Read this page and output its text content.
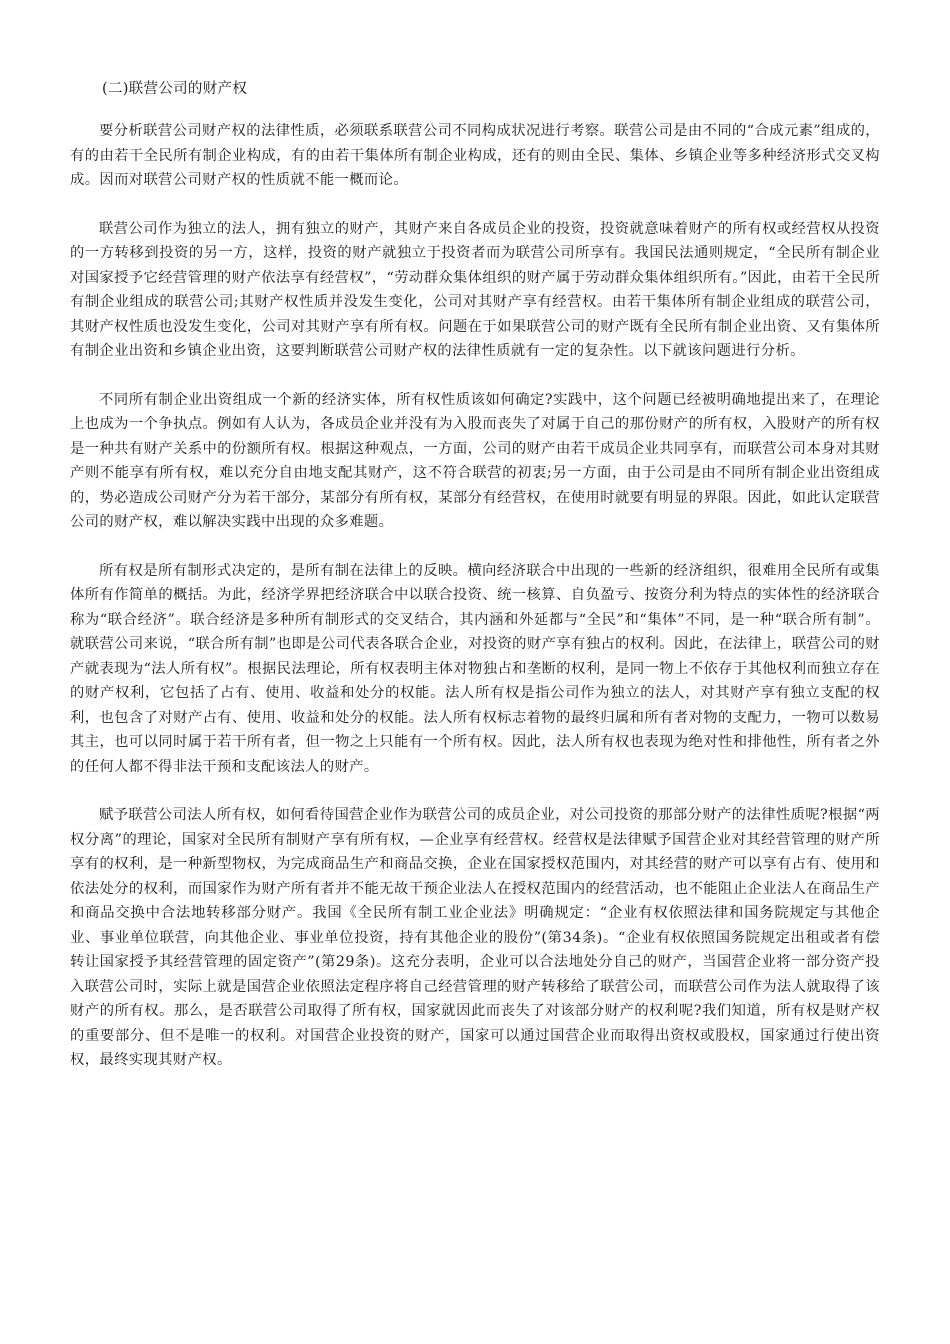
(二)联营公司的财产权

要分析联营公司财产权的法律性质，必须联系联营公司不同构成状况进行考察。联营公司是由不同的“合成元素”组成的，有的由若干全民所有制企业构成，有的由若干集体所有制企业构成，还有的则由全民、集体、乡镇企业等多种经济形式交叉构成。因而对联营公司财产权的性质就不能一概而论。

联营公司作为独立的法人，拥有独立的财产，其财产来自各成员企业的投资，投资就意味着财产的所有权或经营权从投资的一方转移到投资的另一方，这样，投资的财产就独立于投资者而为联营公司所享有。我国民法通则规定，“全民所有制企业对国家授予它经营管理的财产依法享有经营权”，“劳动群众集体组织的财产属于劳动群众集体组织所有。”因此，由若干全民所有制企业组成的联营公司;其财产权性质并没发生变化，公司对其财产享有经营权。由若干集体所有制企业组成的联营公司，其财产权性质也没发生变化，公司对其财产享有所有权。问题在于如果联营公司的财产既有全民所有制企业出资、又有集体所有制企业出资和乡镇企业出资，这要判断联营公司财产权的法律性质就有一定的复杂性。以下就该问题进行分析。

不同所有制企业出资组成一个新的经济实体，所有权性质该如何确定?实践中，这个问题已经被明确地提出来了，在理论上也成为一个争执点。例如有人认为，各成员企业并没有为入股而丧失了对属于自己的那份财产的所有权，入股财产的所有权是一种共有财产关系中的份额所有权。根据这种观点，一方面，公司的财产由若干成员企业共同享有，而联营公司本身对其财产则不能享有所有权，难以充分自由地支配其财产，这不符合联营的初衷;另一方面，由于公司是由不同所有制企业出资组成的，势必造成公司财产分为若干部分，某部分有所有权，某部分有经营权，在使用时就要有明显的界限。因此，如此认定联营公司的财产权，难以解决实践中出现的众多难题。

所有权是所有制形式决定的，是所有制在法律上的反映。横向经济联合中出现的一些新的经济组织，很难用全民所有或集体所有作简单的概括。为此，经济学界把经济联合中以联合投资、统一核算、自负盈亏、按资分利为特点的实体性的经济联合称为“联合经济”。联合经济是多种所有制形式的交叉结合，其内涵和外延都与“全民”和“集体”不同，是一种“联合所有制”。就联营公司来说，“联合所有制”也即是公司代表各联合企业，对投资的财产享有独占的权利。因此，在法律上，联营公司的财产就表现为“法人所有权”。根据民法理论，所有权表明主体对物独占和垄断的权利，是同一物上不依存于其他权利而独立存在的财产权利，它包括了占有、使用、收益和处分的权能。法人所有权是指公司作为独立的法人，对其财产享有独立支配的权利，也包含了对财产占有、使用、收益和处分的权能。法人所有权标志着物的最终归属和所有者对物的支配力，一物可以数易其主，也可以同时属于若干所有者，但一物之上只能有一个所有权。因此，法人所有权也表现为绝对性和排他性，所有者之外的任何人都不得非法干预和支配该法人的财产。

赋予联营公司法人所有权，如何看待国营企业作为联营公司的成员企业，对公司投资的那部分财产的法律性质呢?根据“两权分离”的理论，国家对全民所有制财产享有所有权，—企业享有经营权。经营权是法律赋予国营企业对其经营管理的财产所享有的权利，是一种新型物权，为完成商品生产和商品交换，企业在国家授权范围内，对其经营的财产可以享有占有、使用和依法处分的权利，而国家作为财产所有者并不能无故干预企业法人在授权范围内的经营活动，也不能阻止企业法人在商品生产和商品交换中合法地转移部分财产。我国《全民所有制工业企业法》明确规定：“企业有权依照法律和国务院规定与其他企业、事业单位联营，向其他企业、事业单位投资，持有其他企业的股份”(第34条)。“企业有权依照国务院规定出租或者有偿转让国家授予其经营管理的固定资产”(第29条)。这充分表明，企业可以合法地处分自己的财产，当国营企业将一部分资产投入联营公司时，实际上就是国营企业依照法定程序将自己经营管理的财产转移给了联营公司，而联营公司作为法人就取得了该财产的所有权。那么，是否联营公司取得了所有权，国家就因此而丧失了对该部分财产的权利呢?我们知道，所有权是财产权的重要部分、但不是唯一的权利。对国营企业投资的财产，国家可以通过国营企业而取得出资权或股权，国家通过行使出资权，最终实现其财产权。
